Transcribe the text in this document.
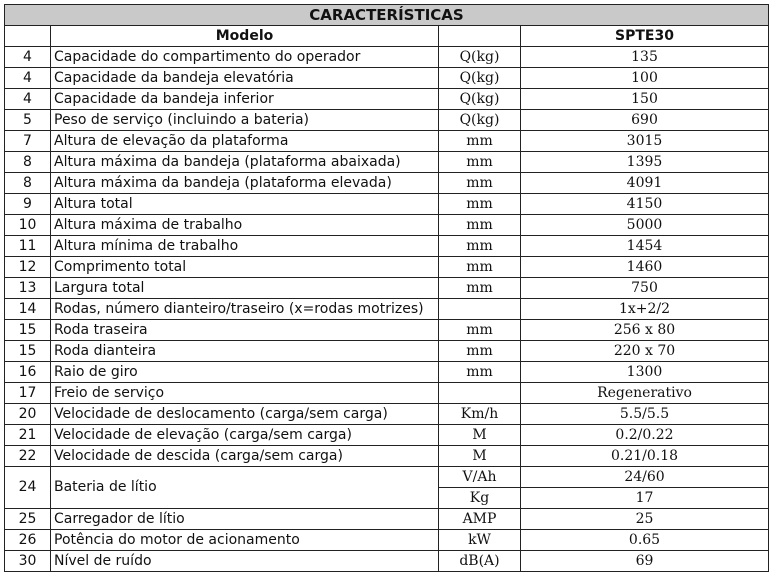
CARACTERÍSTICAS			
	Modelo		SPTE30
4	Capacidade do compartimento do operador	Q(kg)	135
4	Capacidade da bandeja elevatória	Q(kg)	100
4	Capacidade da bandeja inferior	Q(kg)	150
5	Peso de serviço (incluindo a bateria)	Q(kg)	690
7	Altura de elevação da plataforma	mm	3015
8	Altura máxima da bandeja (plataforma abaixada)	mm	1395
8	Altura máxima da bandeja (plataforma elevada)	mm	4091
9	Altura total	mm	4150
10	Altura máxima de trabalho	mm	5000
11	Altura mínima de trabalho	mm	1454
12	Comprimento total	mm	1460
13	Largura total	mm	750
14	Rodas, número dianteiro/traseiro (x=rodas motrizes)		1x+2/2
15	Roda traseira	mm	256 x 80
15	Roda dianteira	mm	220 x 70
16	Raio de giro	mm	1300
17	Freio de serviço		Regenerativo
20	Velocidade de deslocamento (carga/sem carga)	Km/h	5.5/5.5
21	Velocidade de elevação (carga/sem carga)	M	0.2/0.22
22	Velocidade de descida (carga/sem carga)	M	0.21/0.18
24	Bateria de lítio	V/Ah	24/60
		Kg	17
25	Carregador de lítio	AMP	25
26	Potência do motor de acionamento	kW	0.65
30	Nível de ruído	dB(A)	69
